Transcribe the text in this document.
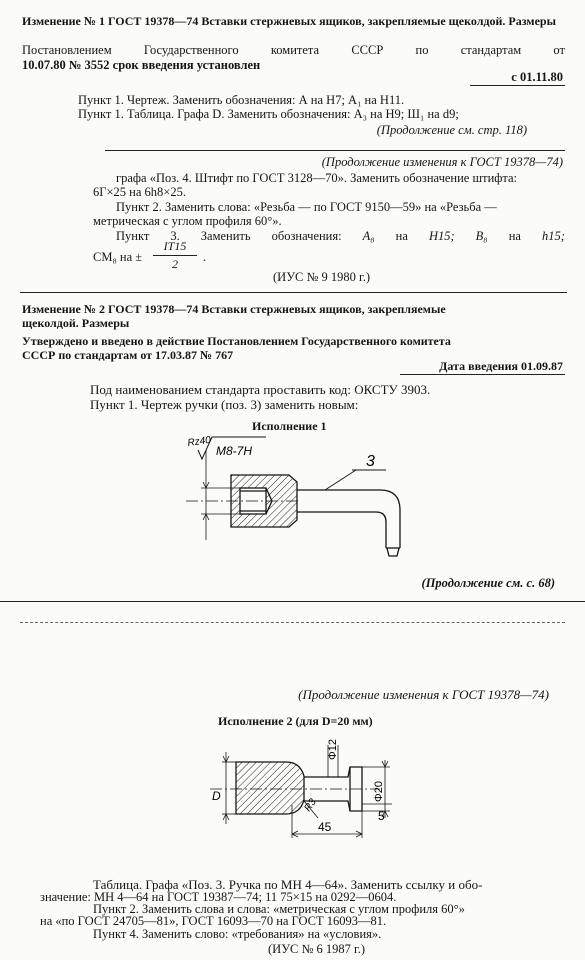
Изменение № 1 ГОСТ 19378—74 Вставки стержневых ящиков, закрепляемые щеколдой. Размеры
Постановлением	Государственного	комитета	СССР	по	стандартам	от
10.07.80 № 3552 срок введения установлен
с 01.11.80
Пункт 1. Чертеж. Заменить обозначения: А на H7; А₁ на H11.
Пункт 1. Таблица. Графа D. Заменить обозначения: А₃ на H9; Ш₁ на d9;
(Продолжение см. стр. 118)
(Продолжение изменения к ГОСТ 19378—74)
графа «Поз. 4. Штифт по ГОСТ 3128—70». Заменить обозначение штифта:
6Г×25 на 6h8×25.
Пункт 2. Заменить слова: «Резьба — по ГОСТ 9150—59» на «Резьба —
метрическая с углом профиля 60°».
Пункт 3. Заменить обозначения: А₈ на H15; В₈ на h15;
СМ₈ на ±
IT15
2	.
(ИУС № 9 1980 г.)
Изменение № 2 ГОСТ 19378—74 Вставки стержневых ящиков, закрепляемые
щеколдой. Размеры
Утверждено и введено в действие Постановлением Государственного комитета
СССР по стандартам от 17.03.87 № 767
Дата введения 01.09.87
Под наименованием стандарта проставить код: ОКСТУ 3903.
Пункт 1. Чертеж ручки (поз. 3) заменить новым:
Исполнение 1
Rz40
М8-7Н
3
(Продолжение см. с. 68)
(Продолжение изменения к ГОСТ 19378—74)
Исполнение 2 (для D=20 мм)
D
Φ12
Φ20
R3
5
45
Таблица. Графа «Поз. 3. Ручка по МН 4—64». Заменить ссылку и обо-
значение: МН 4—64 на ГОСТ 19387—74; 11 75×15 на 0292—0604.
Пункт 2. Заменить слова и слова: «метрическая с углом профиля 60°»
на «по ГОСТ 24705—81», ГОСТ 16093—70 на ГОСТ 16093—81.
Пункт 4. Заменить слово: «требования» на «условия».
(ИУС № 6 1987 г.)
